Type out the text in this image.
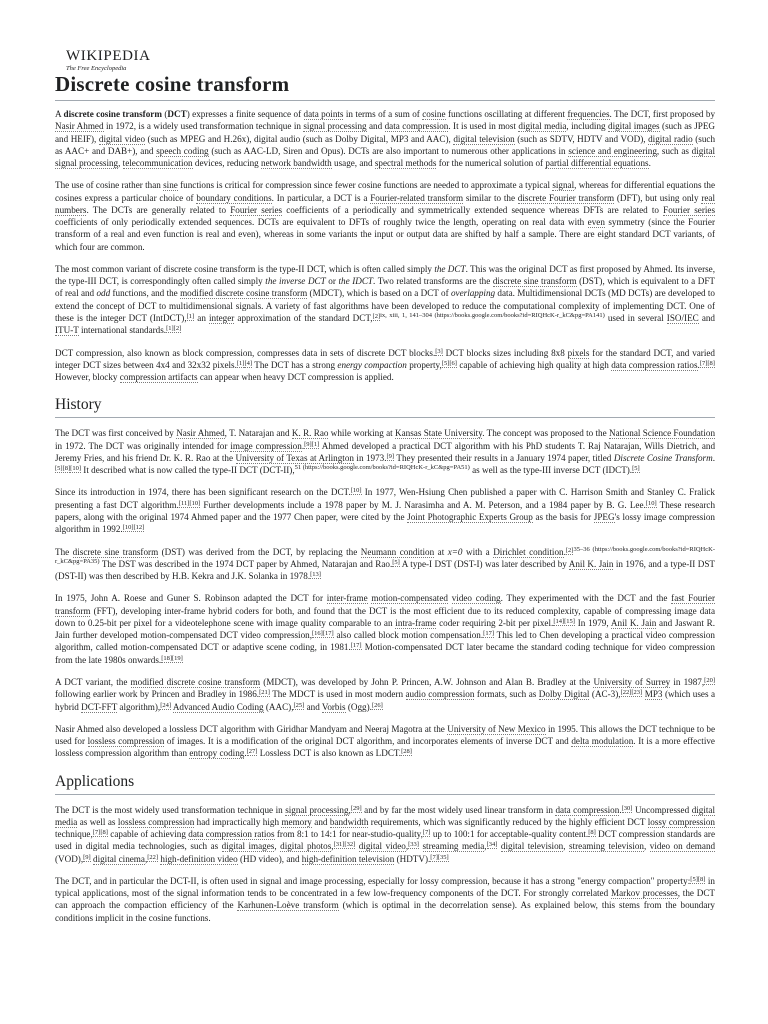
WIKIPEDIA
The Free Encyclopedia
Discrete cosine transform

A discrete cosine transform (DCT) expresses a finite sequence of data points in terms of a sum of cosine functions oscillating at different frequencies. The DCT, first proposed by Nasir Ahmed in 1972, is a widely used transformation technique in signal processing and data compression. It is used in most digital media, including digital images (such as JPEG and HEIF), digital video (such as MPEG and H.26x), digital audio (such as Dolby Digital, MP3 and AAC), digital television (such as SDTV, HDTV and VOD), digital radio (such as AAC+ and DAB+), and speech coding (such as AAC-LD, Siren and Opus). DCTs are also important to numerous other applications in science and engineering, such as digital signal processing, telecommunication devices, reducing network bandwidth usage, and spectral methods for the numerical solution of partial differential equations.

The use of cosine rather than sine functions is critical for compression since fewer cosine functions are needed to approximate a typical signal, whereas for differential equations the cosines express a particular choice of boundary conditions. In particular, a DCT is a Fourier-related transform similar to the discrete Fourier transform (DFT), but using only real numbers. The DCTs are generally related to Fourier series coefficients of a periodically and symmetrically extended sequence whereas DFTs are related to Fourier series coefficients of only periodically extended sequences. DCTs are equivalent to DFTs of roughly twice the length, operating on real data with even symmetry (since the Fourier transform of a real and even function is real and even), whereas in some variants the input or output data are shifted by half a sample. There are eight standard DCT variants, of which four are common.

The most common variant of discrete cosine transform is the type-II DCT, which is often called simply the DCT. This was the original DCT as first proposed by Ahmed. Its inverse, the type-III DCT, is correspondingly often called simply the inverse DCT or the IDCT. Two related transforms are the discrete sine transform (DST), which is equivalent to a DFT of real and odd functions, and the modified discrete cosine transform (MDCT), which is based on a DCT of overlapping data. Multidimensional DCTs (MD DCTs) are developed to extend the concept of DCT to multidimensional signals. A variety of fast algorithms have been developed to reduce the computational complexity of implementing DCT. One of these is the integer DCT (IntDCT),[1] an integer approximation of the standard DCT,$^{[2]ix, xiii, 1, 141-304 (https://books.google.com/books?id=RIQHcK-r\_kC\&pg=PA141)}$ used in several ISO/IEC and ITU-T international standards.[1][2]

DCT compression, also known as block compression, compresses data in sets of discrete DCT blocks.[3] DCT blocks sizes including 8x8 pixels for the standard DCT, and varied integer DCT sizes between 4x4 and 32x32 pixels.[1][4] The DCT has a strong energy compaction property,[5][6] capable of achieving high quality at high data compression ratios.[7][8] However, blocky compression artifacts can appear when heavy DCT compression is applied.

History

The DCT was first conceived by Nasir Ahmed, T. Natarajan and K. R. Rao while working at Kansas State University. The concept was proposed to the National Science Foundation in 1972. The DCT was originally intended for image compression.[9][1] Ahmed developed a practical DCT algorithm with his PhD students T. Raj Natarajan, Wills Dietrich, and Jeremy Fries, and his friend Dr. K. R. Rao at the University of Texas at Arlington in 1973.[9] They presented their results in a January 1974 paper, titled Discrete Cosine Transform.[5][8][10] It described what is now called the type-II DCT (DCT-II),$^{51 (https://books.google.com/books?id=RIQHcK-r\_kC\&pg=PA51)}$ as well as the type-III inverse DCT (IDCT).[5]

Since its introduction in 1974, there has been significant research on the DCT.[10] In 1977, Wen-Hsiung Chen published a paper with C. Harrison Smith and Stanley C. Fralick presenting a fast DCT algorithm.[11][10] Further developments include a 1978 paper by M. J. Narasimha and A. M. Peterson, and a 1984 paper by B. G. Lee.[10] These research papers, along with the original 1974 Ahmed paper and the 1977 Chen paper, were cited by the Joint Photographic Experts Group as the basis for JPEG's lossy image compression algorithm in 1992.[10][12]

The discrete sine transform (DST) was derived from the DCT, by replacing the Neumann condition at x=0 with a Dirichlet condition.$^{[2]35-36 (https://books.google.com/books?id=RIQHcK-r\_kC\&pg=PA35)}$ The DST was described in the 1974 DCT paper by Ahmed, Natarajan and Rao.[5] A type-I DST (DST-I) was later described by Anil K. Jain in 1976, and a type-II DST (DST-II) was then described by H.B. Kekra and J.K. Solanka in 1978.[13]

In 1975, John A. Roese and Guner S. Robinson adapted the DCT for inter-frame motion-compensated video coding. They experimented with the DCT and the fast Fourier transform (FFT), developing inter-frame hybrid coders for both, and found that the DCT is the most efficient due to its reduced complexity, capable of compressing image data down to 0.25-bit per pixel for a videotelephone scene with image quality comparable to an intra-frame coder requiring 2-bit per pixel.[14][15] In 1979, Anil K. Jain and Jaswant R. Jain further developed motion-compensated DCT video compression,[16][17] also called block motion compensation.[17] This led to Chen developing a practical video compression algorithm, called motion-compensated DCT or adaptive scene coding, in 1981.[17] Motion-compensated DCT later became the standard coding technique for video compression from the late 1980s onwards.[18][19]

A DCT variant, the modified discrete cosine transform (MDCT), was developed by John P. Princen, A.W. Johnson and Alan B. Bradley at the University of Surrey in 1987,[20] following earlier work by Princen and Bradley in 1986.[21] The MDCT is used in most modern audio compression formats, such as Dolby Digital (AC-3),[22][23] MP3 (which uses a hybrid DCT-FFT algorithm),[24] Advanced Audio Coding (AAC),[25] and Vorbis (Ogg).[26]

Nasir Ahmed also developed a lossless DCT algorithm with Giridhar Mandyam and Neeraj Magotra at the University of New Mexico in 1995. This allows the DCT technique to be used for lossless compression of images. It is a modification of the original DCT algorithm, and incorporates elements of inverse DCT and delta modulation. It is a more effective lossless compression algorithm than entropy coding.[27] Lossless DCT is also known as LDCT.[28]

Applications

The DCT is the most widely used transformation technique in signal processing,[29] and by far the most widely used linear transform in data compression.[30] Uncompressed digital media as well as lossless compression had impractically high memory and bandwidth requirements, which was significantly reduced by the highly efficient DCT lossy compression technique,[7][8] capable of achieving data compression ratios from 8:1 to 14:1 for near-studio-quality,[7] up to 100:1 for acceptable-quality content.[8] DCT compression standards are used in digital media technologies, such as digital images, digital photos,[31][32] digital video,[33] streaming media,[34] digital television, streaming television, video on demand (VOD),[9] digital cinema,[22] high-definition video (HD video), and high-definition television (HDTV).[7][35]

The DCT, and in particular the DCT-II, is often used in signal and image processing, especially for lossy compression, because it has a strong "energy compaction" property:[5][8] in typical applications, most of the signal information tends to be concentrated in a few low-frequency components of the DCT. For strongly correlated Markov processes, the DCT can approach the compaction efficiency of the Karhunen-Loève transform (which is optimal in the decorrelation sense). As explained below, this stems from the boundary conditions implicit in the cosine functions.
